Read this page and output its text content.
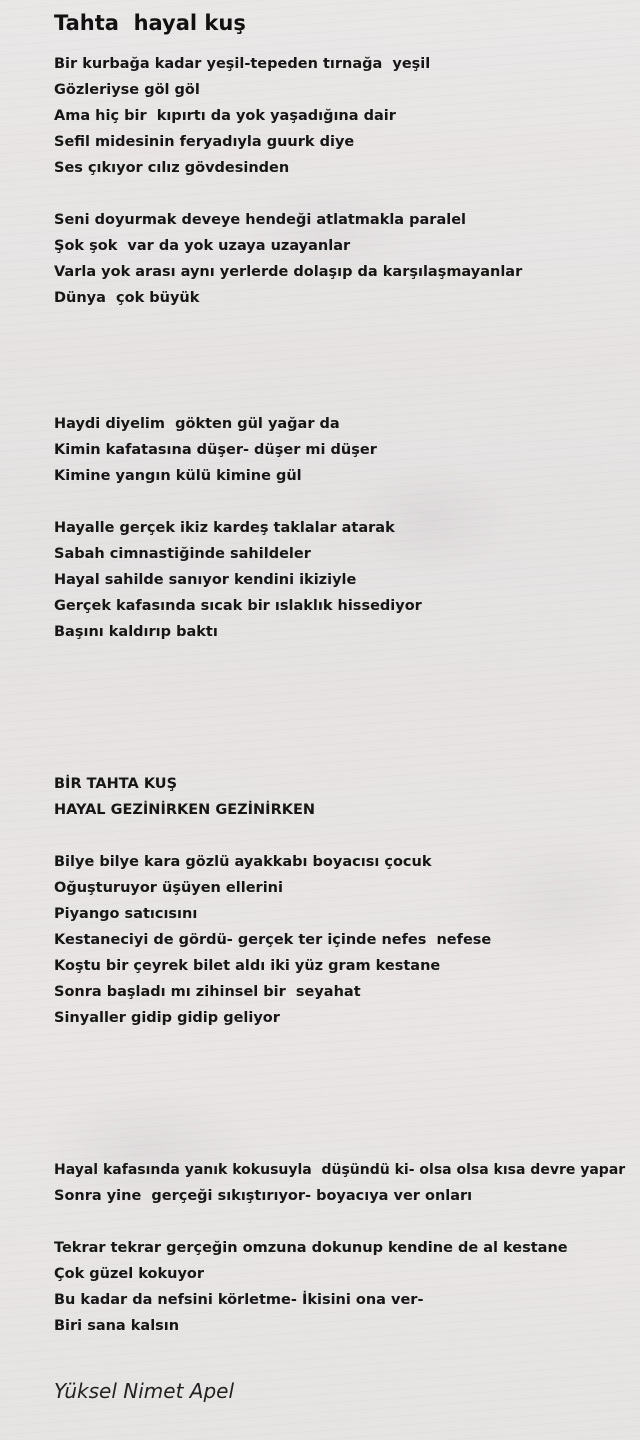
Tahta  hayal kuş

Bir kurbağa kadar yeşil-tepeden tırnağa  yeşil

Gözleriyse göl göl

Ama hiç bir  kıpırtı da yok yaşadığına dair

Sefil midesinin feryadıyla guurk diye

Ses çıkıyor cılız gövdesinden

Seni doyurmak deveye hendeği atlatmakla paralel

Şok şok  var da yok uzaya uzayanlar

Varla yok arası aynı yerlerde dolaşıp da karşılaşmayanlar

Dünya  çok büyük

Haydi diyelim  gökten gül yağar da

Kimin kafatasına düşer- düşer mi düşer

Kimine yangın külü kimine gül

Hayalle gerçek ikiz kardeş taklalar atarak

Sabah cimnastiğinde sahildeler

Hayal sahilde sanıyor kendini ikiziyle

Gerçek kafasında sıcak bir ıslaklık hissediyor

Başını kaldırıp baktı

BİR TAHTA KUŞ

HAYAL GEZİNİRKEN GEZİNİRKEN

Bilye bilye kara gözlü ayakkabı boyacısı çocuk

Oğuşturuyor üşüyen ellerini

Piyango satıcısını

Kestaneciyi de gördü- gerçek ter içinde nefes  nefese

Koştu bir çeyrek bilet aldı iki yüz gram kestane

Sonra başladı mı zihinsel bir  seyahat

Sinyaller gidip gidip geliyor

Hayal kafasında yanık kokusuyla  düşündü ki- olsa olsa kısa devre yapar

Sonra yine  gerçeği sıkıştırıyor- boyacıya ver onları

Tekrar tekrar gerçeğin omzuna dokunup kendine de al kestane

Çok güzel kokuyor

Bu kadar da nefsini körletme- İkisini ona ver-

Biri sana kalsın

Yüksel Nimet Apel
